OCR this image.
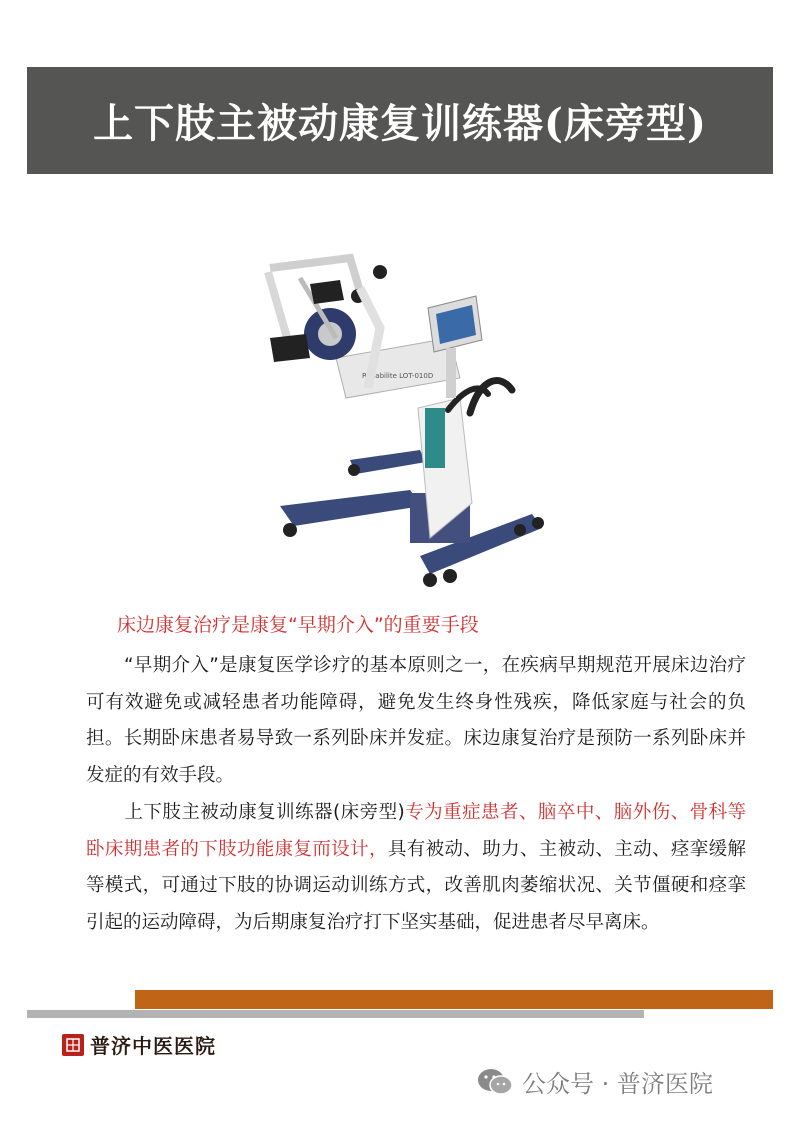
上下肢主被动康复训练器(床旁型)
Rehabilite LOT-010D
床边康复治疗是康复“早期介入”的重要手段

“早期介入”是康复医学诊疗的基本原则之一，在疾病早期规范开展床边治疗可有效避免或减轻患者功能障碍，避免发生终身性残疾，降低家庭与社会的负担。长期卧床患者易导致一系列卧床并发症。床边康复治疗是预防一系列卧床并发症的有效手段。

上下肢主被动康复训练器(床旁型)专为重症患者、脑卒中、脑外伤、骨科等卧床期患者的下肢功能康复而设计，具有被动、助力、主被动、主动、痉挛缓解等模式，可通过下肢的协调运动训练方式，改善肌肉萎缩状况、关节僵硬和痉挛引起的运动障碍，为后期康复治疗打下坚实基础，促进患者尽早离床。

普济中医医院
公众号 · 普济医院
